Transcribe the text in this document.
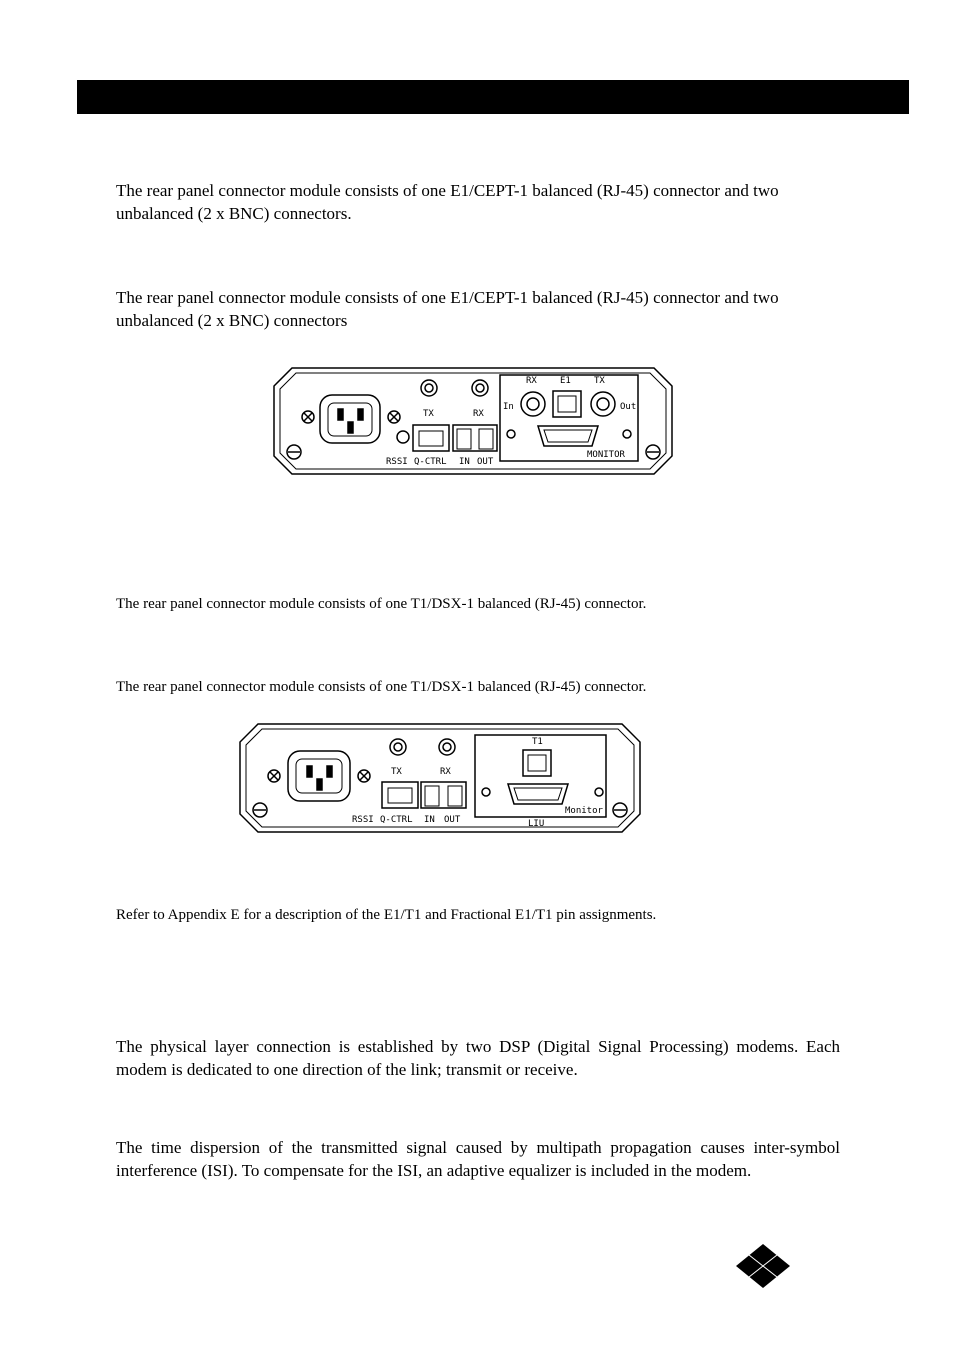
The rear panel connector module consists of one E1/CEPT-1 balanced (RJ-45) connector and two unbalanced (2 x BNC) connectors.

The rear panel connector module consists of one E1/CEPT-1 balanced (RJ-45) connector and two unbalanced (2 x BNC) connectors

TX	RX
RSSI Q-CTRL IN OUT
RX	E1	TX
In	Out
MONITOR

The rear panel connector module consists of one T1/DSX-1 balanced (RJ-45) connector.

The rear panel connector module consists of one T1/DSX-1 balanced (RJ-45) connector.

TX	RX
RSSI Q-CTRL IN OUT
T1
Monitor
LIU

Refer to Appendix E for a description of the E1/T1 and Fractional E1/T1 pin assignments.

The physical layer connection is established by two DSP (Digital Signal Processing) modems. Each modem is dedicated to one direction of the link; transmit or receive.

The time dispersion of the transmitted signal caused by multipath propagation causes inter-symbol interference (ISI). To compensate for the ISI, an adaptive equalizer is included in the modem.
